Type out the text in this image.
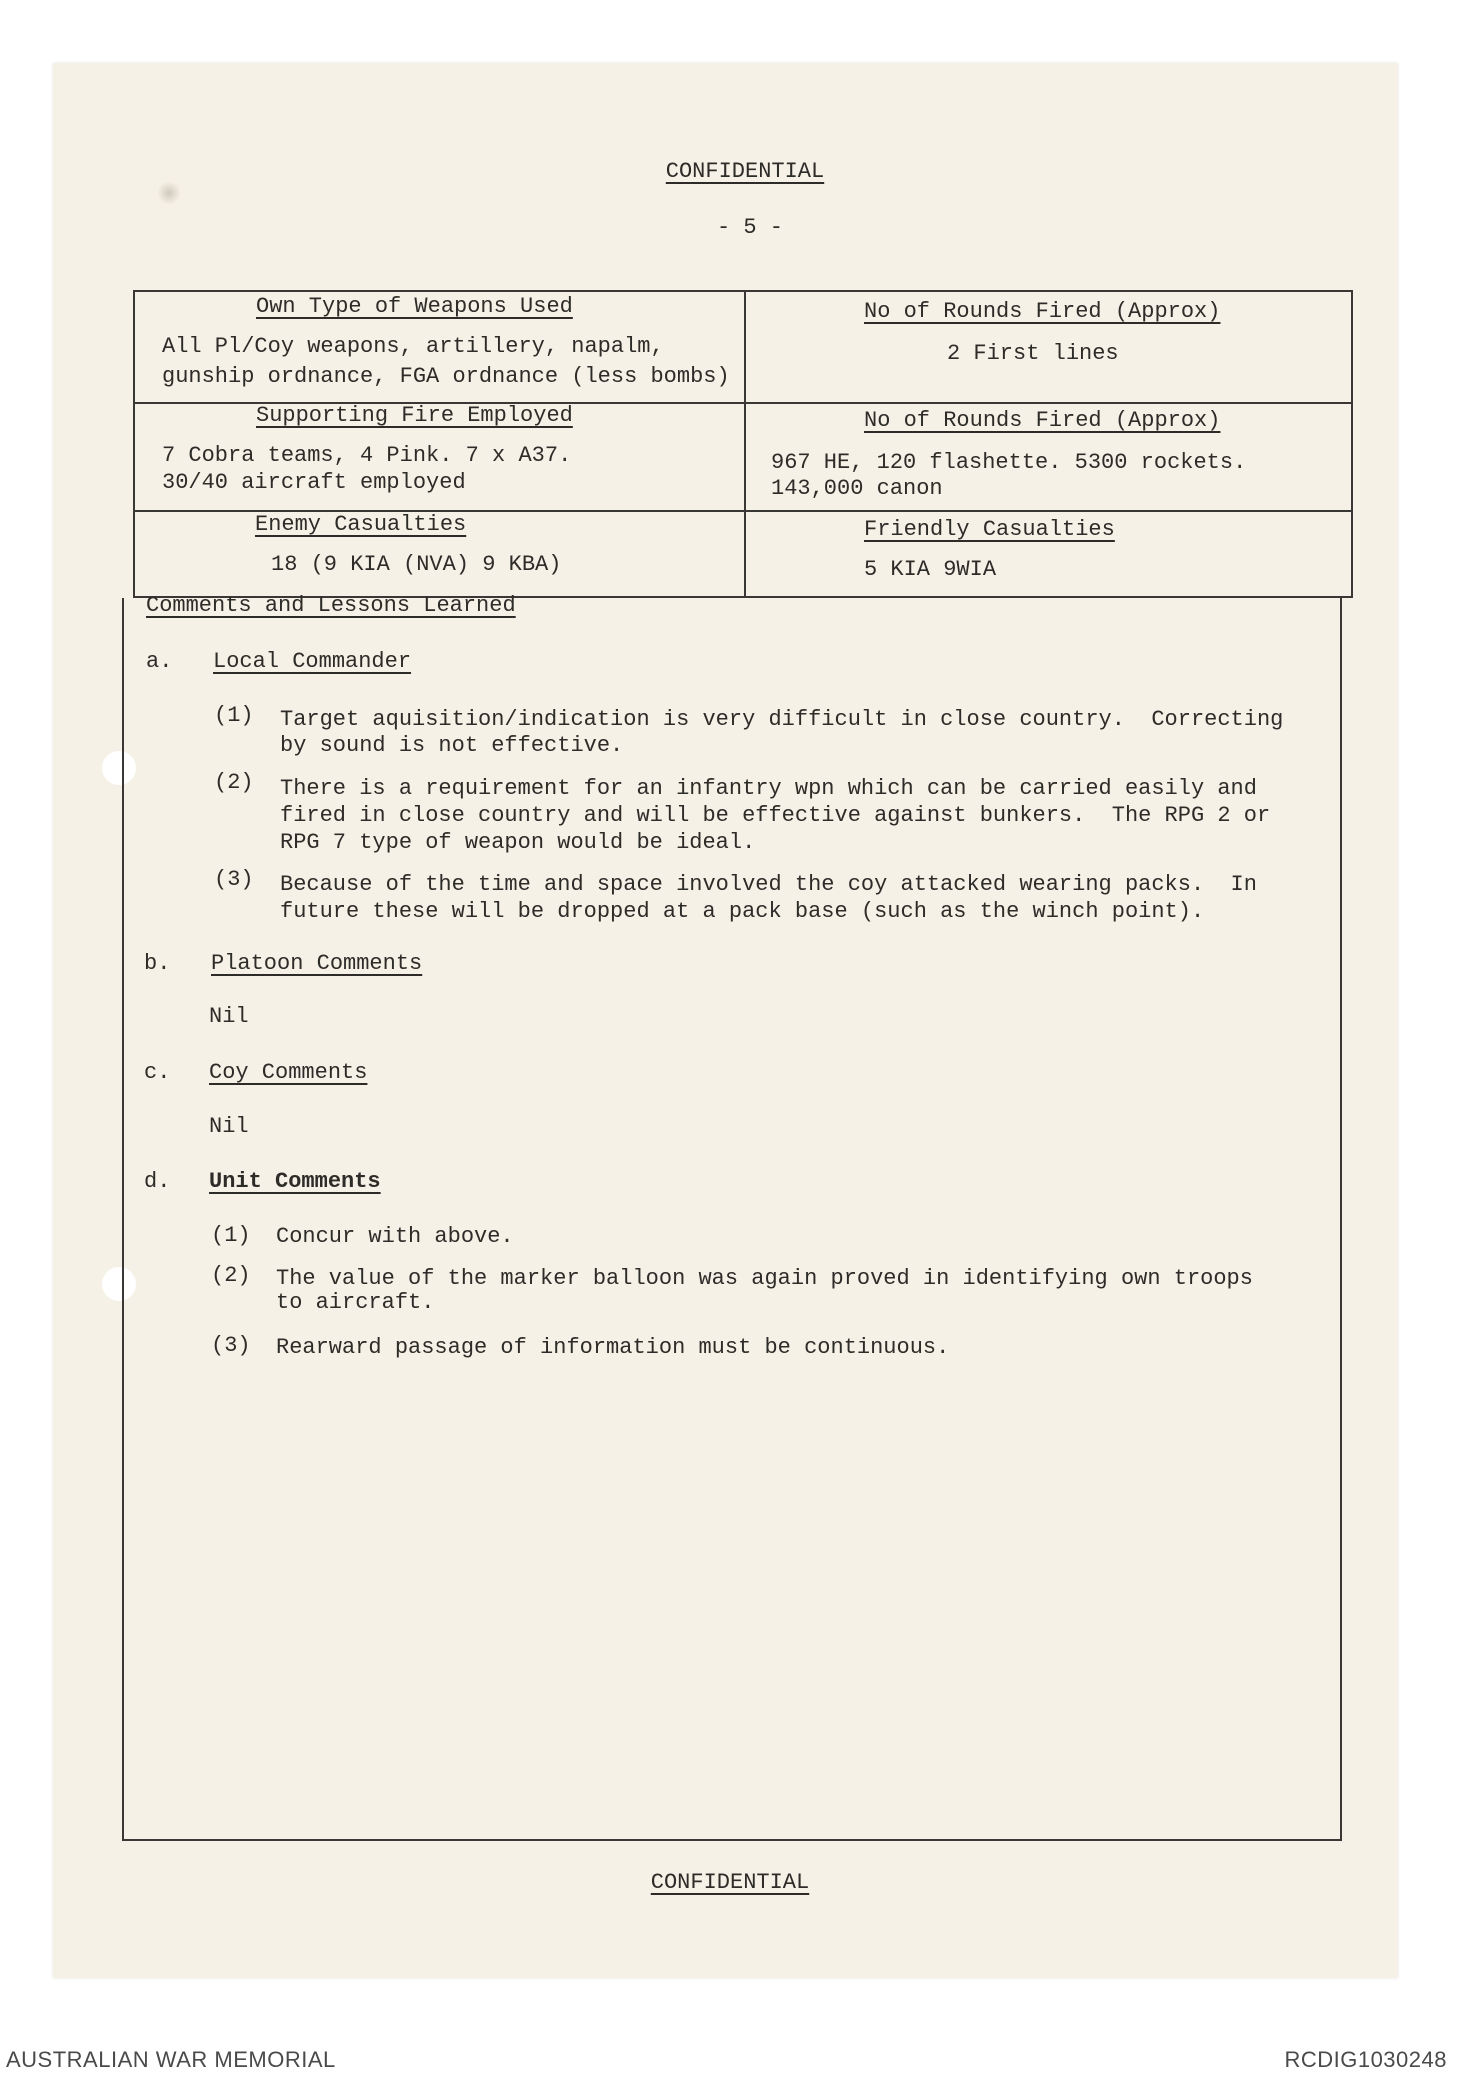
CONFIDENTIAL
- 5 -
Own Type of Weapons Used
All Pl/Coy weapons, artillery, napalm,
gunship ordnance, FGA ordnance (less bombs)
No of Rounds Fired (Approx)
2 First lines
Supporting Fire Employed
7 Cobra teams, 4 Pink. 7 x A37.
30/40 aircraft employed
No of Rounds Fired (Approx)
967 HE, 120 flashette. 5300 rockets.
143,000 canon
Enemy Casualties
18 (9 KIA (NVA) 9 KBA)
Friendly Casualties
5 KIA 9WIA
Comments and Lessons Learned
a. Local Commander
(1) Target aquisition/indication is very difficult in close country.  Correcting
by sound is not effective.
(2) There is a requirement for an infantry wpn which can be carried easily and
fired in close country and will be effective against bunkers.  The RPG 2 or
RPG 7 type of weapon would be ideal.
(3) Because of the time and space involved the coy attacked wearing packs.  In
future these will be dropped at a pack base (such as the winch point).
b. Platoon Comments
Nil
c. Coy Comments
Nil
d. Unit Comments
(1) Concur with above.
(2) The value of the marker balloon was again proved in identifying own troops
to aircraft.
(3) Rearward passage of information must be continuous.
CONFIDENTIAL
AUSTRALIAN WAR MEMORIAL	RCDIG1030248
